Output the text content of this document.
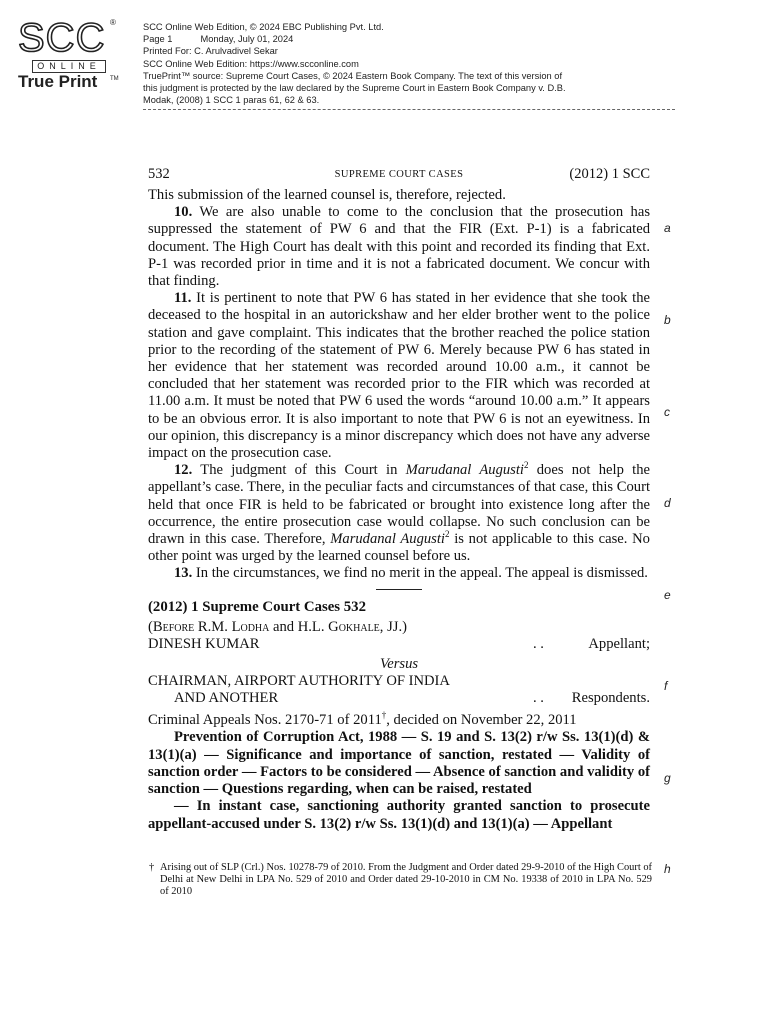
SCC ®
ONLINE
True Print TM
SCC Online Web Edition, © 2024 EBC Publishing Pvt. Ltd.
Page 1	Monday, July 01, 2024
Printed For: C. Arulvadivel Sekar
SCC Online Web Edition: https://www.scconline.com
TruePrint™ source: Supreme Court Cases, © 2024 Eastern Book Company. The text of this version of
this judgment is protected by the law declared by the Supreme Court in Eastern Book Company v. D.B.
Modak, (2008) 1 SCC 1 paras 61, 62 & 63.
532	SUPREME COURT CASES	(2012) 1 SCC

This submission of the learned counsel is, therefore, rejected.

10. We are also unable to come to the conclusion that the prosecution has suppressed the statement of PW 6 and that the FIR (Ext. P-1) is a fabricated document. The High Court has dealt with this point and recorded its finding that Ext. P-1 was recorded prior in time and it is not a fabricated document. We concur with that finding.

11. It is pertinent to note that PW 6 has stated in her evidence that she took the deceased to the hospital in an autorickshaw and her elder brother went to the police station and gave complaint. This indicates that the brother reached the police station prior to the recording of the statement of PW 6. Merely because PW 6 has stated in her evidence that her statement was recorded around 10.00 a.m., it cannot be concluded that her statement was recorded prior to the FIR which was recorded at 11.00 a.m. It must be noted that PW 6 used the words “around 10.00 a.m.” It appears to be an obvious error. It is also important to note that PW 6 is not an eyewitness. In our opinion, this discrepancy is a minor discrepancy which does not have any adverse impact on the prosecution case.

12. The judgment of this Court in Marudanal Augusti$^2$ does not help the appellant’s case. There, in the peculiar facts and circumstances of that case, this Court held that once FIR is held to be fabricated or brought into existence long after the occurrence, the entire prosecution case would collapse. No such conclusion can be drawn in this case. Therefore, Marudanal Augusti$^2$ is not applicable to this case. No other point was urged by the learned counsel before us.

13. In the circumstances, we find no merit in the appeal. The appeal is dismissed.

(2012) 1 Supreme Court Cases 532

(Before R.M. Lodha and H.L. Gokhale, JJ.)

DINESH KUMAR	. .	Appellant;
Versus
CHAIRMAN, AIRPORT AUTHORITY OF INDIA
AND ANOTHER	. . Respondents.

Criminal Appeals Nos. 2170-71 of 2011†, decided on November 22, 2011

Prevention of Corruption Act, 1988 — S. 19 and S. 13(2) r/w Ss. 13(1)(d) & 13(1)(a) — Significance and importance of sanction, restated — Validity of sanction order — Factors to be considered — Absence of sanction and validity of sanction — Questions regarding, when can be raised, restated

— In instant case, sanctioning authority granted sanction to prosecute appellant-accused under S. 13(2) r/w Ss. 13(1)(d) and 13(1)(a) — Appellant

a
b
c
d
e
f
g
h
† Arising out of SLP (Crl.) Nos. 10278-79 of 2010. From the Judgment and Order dated 29-9-2010 of the High Court of Delhi at New Delhi in LPA No. 529 of 2010 and Order dated 29-10-2010 in CM No. 19338 of 2010 in LPA No. 529 of 2010
